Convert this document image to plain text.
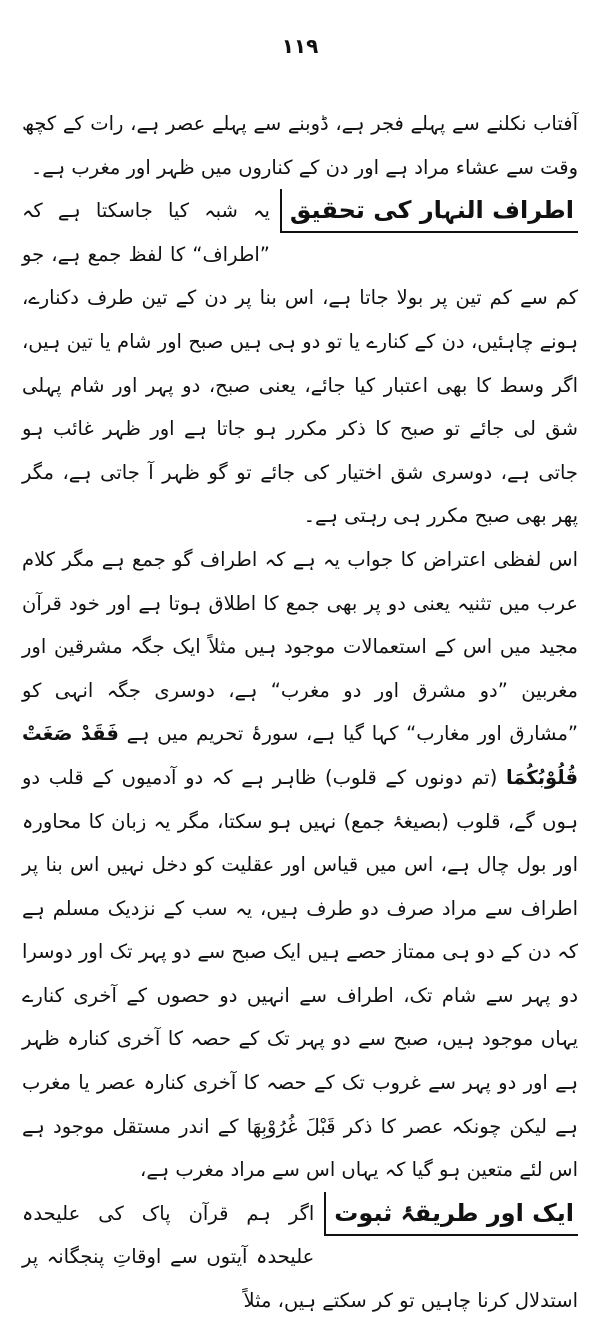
۱۱۹

آفتاب نکلنے سے پہلے فجر ہے، ڈوبنے سے پہلے عصر ہے، رات کے کچھ وقت سے عشاء مراد ہے اور دن کے کناروں میں ظہر اور مغرب ہے۔

اطراف النہار کی تحقیق
یہ شبہ کیا جاسکتا ہے کہ ”اطراف“ کا لفظ جمع ہے، جو کم سے کم تین پر بولا جاتا ہے، اس بنا پر دن کے تین طرف دکنارے، ہونے چاہئیں، دن کے کنارے یا تو دو ہی ہیں صبح اور شام یا تین ہیں، اگر وسط کا بھی اعتبار کیا جائے، یعنی صبح، دو پہر اور شام پہلی شق لی جائے تو صبح کا ذکر مکرر ہو جاتا ہے اور ظہر غائب ہو جاتی ہے، دوسری شق اختیار کی جائے تو گو ظہر آ جاتی ہے، مگر پھر بھی صبح مکرر ہی رہتی ہے۔

اس لفظی اعتراض کا جواب یہ ہے کہ اطراف گو جمع ہے مگر کلام عرب میں تثنیہ یعنی دو پر بھی جمع کا اطلاق ہوتا ہے اور خود قرآن مجید میں اس کے استعمالات موجود ہیں مثلاً ایک جگہ مشرقین اور مغربین ”دو مشرق اور دو مغرب“ ہے، دوسری جگہ انہی کو ”مشارق اور مغارب“ کہا گیا ہے، سورۂ تحریم میں ہے فَقَدْ صَغَتْ قُلُوْبُكُمَا (تم دونوں کے قلوب) ظاہر ہے کہ دو آدمیوں کے قلب دو ہوں گے، قلوب (بصیغۂ جمع) نہیں ہو سکتا، مگر یہ زبان کا محاورہ اور بول چال ہے، اس میں قیاس اور عقلیت کو دخل نہیں اس بنا پر اطراف سے مراد صرف دو طرف ہیں، یہ سب کے نزدیک مسلم ہے کہ دن کے دو ہی ممتاز حصے ہیں ایک صبح سے دو پہر تک اور دوسرا دو پہر سے شام تک، اطراف سے انہیں دو حصوں کے آخری کنارے یہاں موجود ہیں، صبح سے دو پہر تک کے حصہ کا آخری کنارہ ظہر ہے اور دو پہر سے غروب تک کے حصہ کا آخری کنارہ عصر یا مغرب ہے لیکن چونکہ عصر کا ذکر قَبْلَ غُرُوْبِهَا کے اندر مستقل موجود ہے اس لئے متعین ہو گیا کہ یہاں اس سے مراد مغرب ہے،

ایک اور طریقۂ ثبوت
اگر ہم قرآن پاک کی علیحدہ علیحدہ آیتوں سے اوقاتِ پنجگانہ پر استدلال کرنا چاہیں تو کر سکتے ہیں، مثلاً
